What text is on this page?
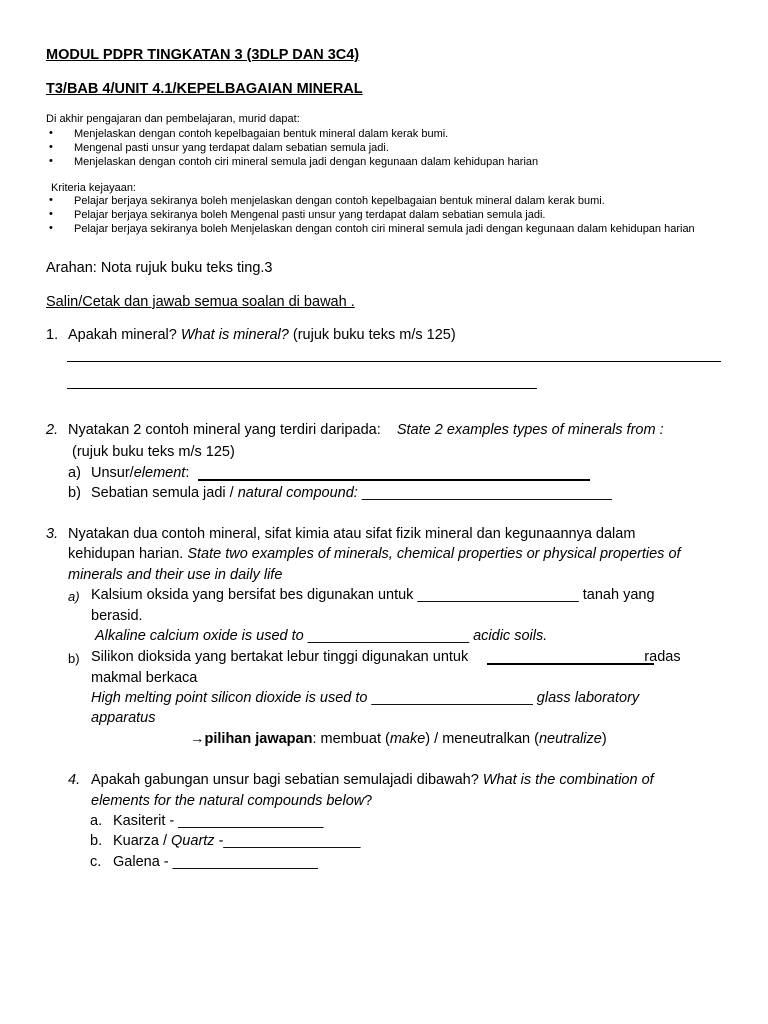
MODUL PDPR TINGKATAN 3 (3DLP DAN 3C4)
T3/BAB 4/UNIT 4.1/KEPELBAGAIAN MINERAL
Di akhir pengajaran dan pembelajaran, murid dapat:
• Menjelaskan dengan contoh kepelbagaian bentuk mineral dalam kerak bumi.
• Mengenal pasti unsur yang terdapat dalam sebatian semula jadi.
• Menjelaskan dengan contoh ciri mineral semula jadi dengan kegunaan dalam kehidupan harian
Kriteria kejayaan:
• Pelajar berjaya sekiranya boleh menjelaskan dengan contoh kepelbagaian bentuk mineral dalam kerak bumi.
• Pelajar berjaya sekiranya boleh Mengenal pasti unsur yang terdapat dalam sebatian semula jadi.
• Pelajar berjaya sekiranya boleh Menjelaskan dengan contoh ciri mineral semula jadi dengan kegunaan dalam kehidupan harian
Arahan: Nota rujuk buku teks ting.3
Salin/Cetak dan jawab semua soalan di bawah .
1. Apakah mineral? What is mineral? (rujuk buku teks m/s 125)
2. Nyatakan 2 contoh mineral yang terdiri daripada: State 2 examples types of minerals from :
(rujuk buku teks m/s 125)
a) Unsur/element:
b) Sebatian semula jadi / natural compound: _______________________________
3. Nyatakan dua contoh mineral, sifat kimia atau sifat fizik mineral dan kegunaannya dalam
kehidupan harian. State two examples of minerals, chemical properties or physical properties of
minerals and their use in daily life
a) Kalsium oksida yang bersifat bes digunakan untuk ____________________ tanah yang
berasid.
Alkaline calcium oxide is used to ____________________ acidic soils.
b) Silikon dioksida yang bertakat lebur tinggi digunakan untuk	radas
makmal berkaca
High melting point silicon dioxide is used to ____________________ glass laboratory
apparatus
→pilihan jawapan: membuat (make) / meneutralkan (neutralize)
4. Apakah gabungan unsur bagi sebatian semulajadi dibawah? What is the combination of
elements for the natural compounds below?
a. Kasiterit - __________________
b. Kuarza / Quartz -_________________
c. Galena - __________________
